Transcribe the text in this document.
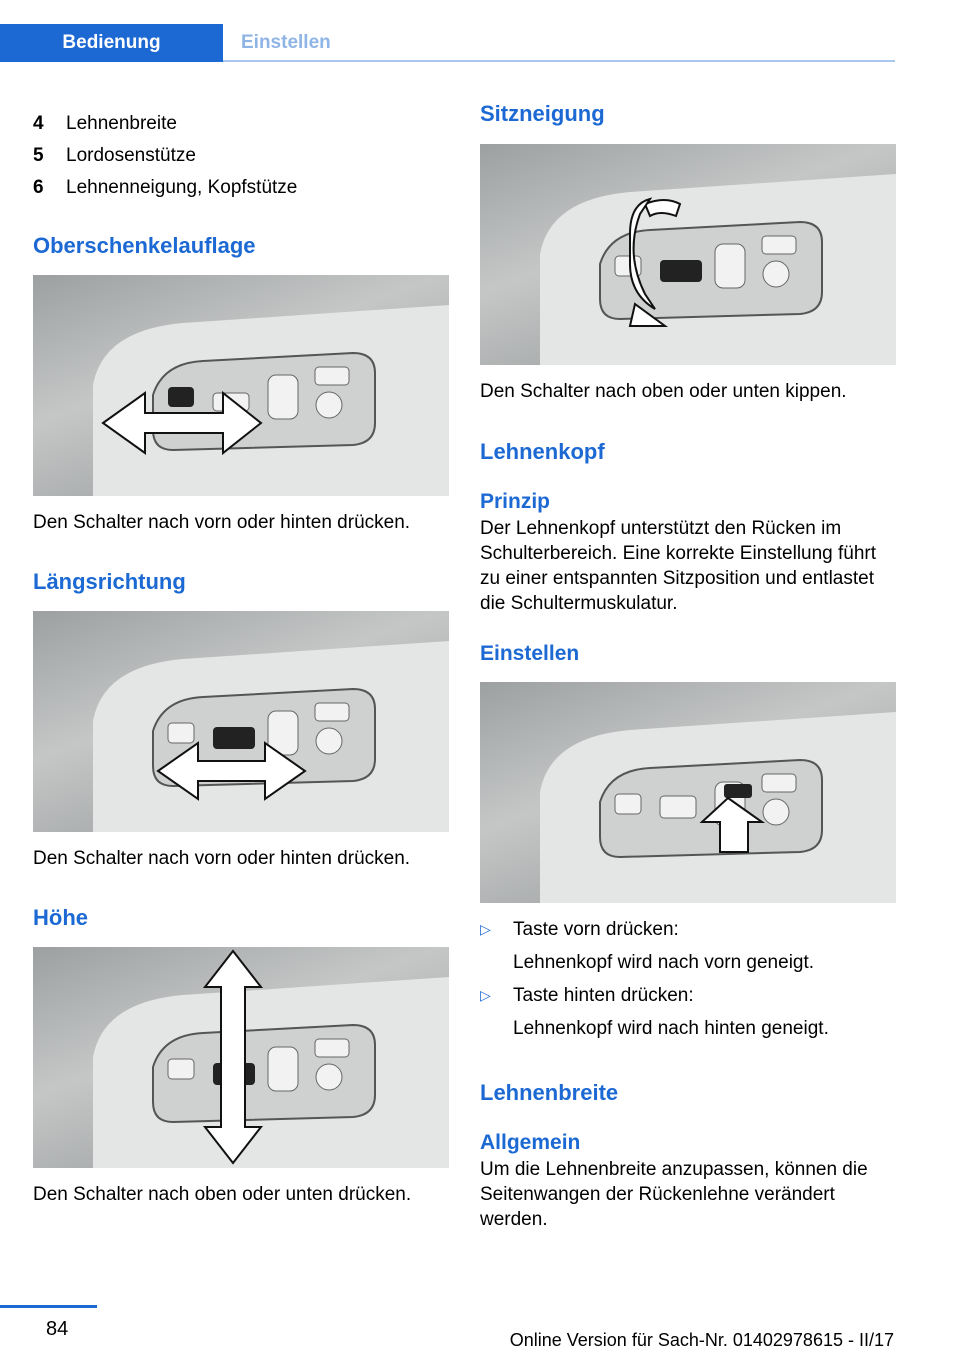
Bedienung	Einstellen
4	Lehnenbreite
5	Lordosenstütze
6	Lehnenneigung, Kopfstütze
Oberschenkelauflage

Den Schalter nach vorn oder hinten drücken.

Längsrichtung

Den Schalter nach vorn oder hinten drücken.

Höhe

Den Schalter nach oben oder unten drücken.

Sitzneigung

Den Schalter nach oben oder unten kippen.

Lehnenkopf
Prinzip

Der Lehnenkopf unterstützt den Rücken im Schulterbereich. Eine korrekte Einstellung führt zu einer entspannten Sitzposition und entlastet die Schultermuskulatur.

Einstellen
▷ Taste vorn drücken:
Lehnenkopf wird nach vorn geneigt.
▷ Taste hinten drücken:
Lehnenkopf wird nach hinten geneigt.
Lehnenbreite
Allgemein

Um die Lehnenbreite anzupassen, können die Seitenwangen der Rückenlehne verändert werden.

84	Online Version für Sach-Nr. 01402978615 - II/17
